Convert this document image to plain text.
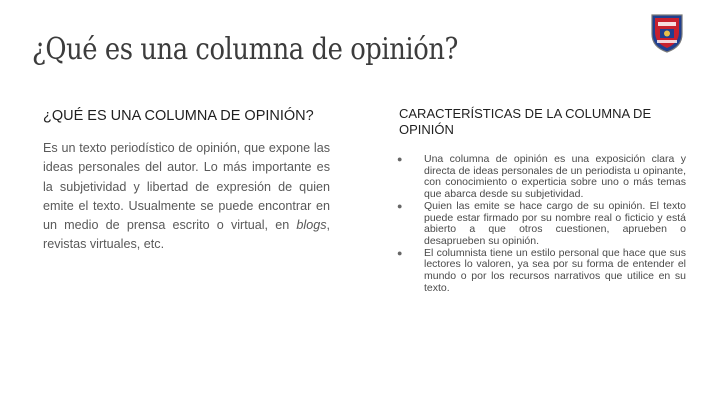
¿Qué es una columna de opinión?
¿QUÉ ES UNA COLUMNA DE OPINIÓN?

Es un texto periodístico de opinión, que expone las ideas personales del autor. Lo más importante es la subjetividad y libertad de expresión de quien emite el texto. Usualmente se puede encontrar en un medio de prensa escrito o virtual, en blogs, revistas virtuales, etc.

CARACTERÍSTICAS DE LA COLUMNA DE OPINIÓN
● Una columna de opinión es una exposición clara y directa de ideas personales de un periodista u opinante, con conocimiento o experticia sobre uno o más temas que abarca desde su subjetividad.
● Quien las emite se hace cargo de su opinión. El texto puede estar firmado por su nombre real o ficticio y está abierto a que otros cuestionen, aprueben o desaprueben su opinión.
● El columnista tiene un estilo personal que hace que sus lectores lo valoren, ya sea por su forma de entender el mundo o por los recursos narrativos que utilice en su texto.
